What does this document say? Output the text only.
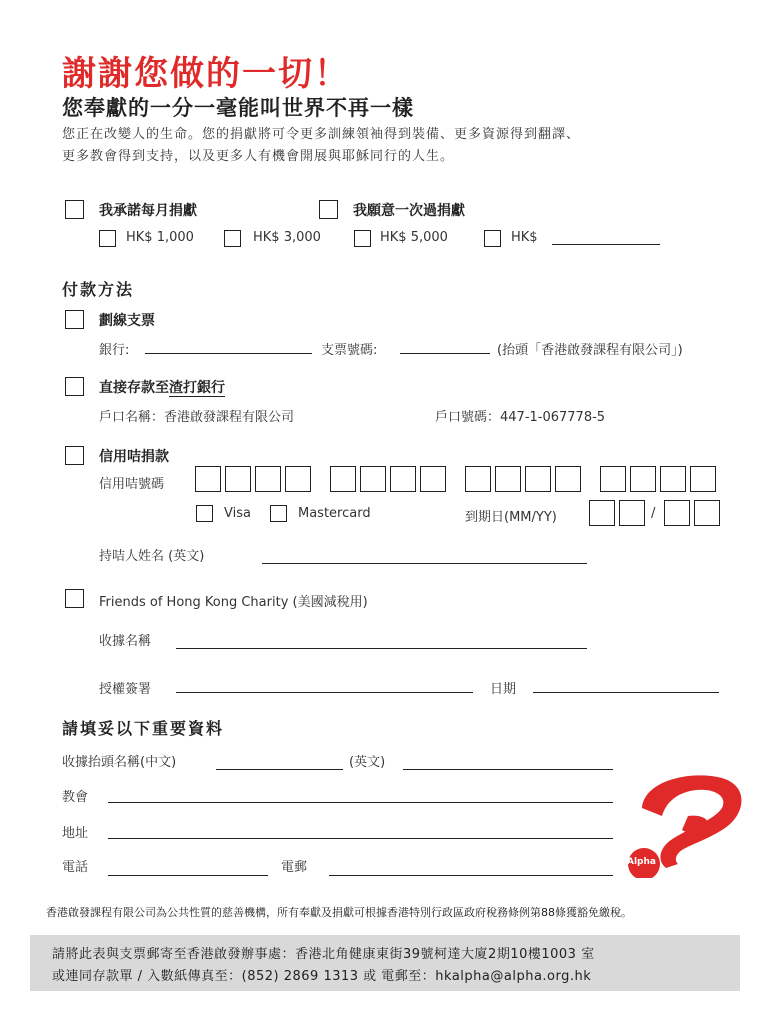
謝謝您做的一切！
您奉獻的一分一毫能叫世界不再一樣
您正在改變人的生命。您的捐獻將可令更多訓練領袖得到裝備、更多資源得到翻譯、
更多教會得到支持，以及更多人有機會開展與耶穌同行的人生。
我承諾每月捐獻	我願意一次過捐獻
HK$ 1,000	HK$ 3,000	HK$ 5,000	HK$
付款方法
劃線支票
銀行:	支票號碼:	(抬頭「香港啟發課程有限公司」)
直接存款至渣打銀行
戶口名稱：香港啟發課程有限公司	戶口號碼：447-1-067778-5
信用咭捐款
信用咭號碼
Visa	Mastercard	到期日(MM/YY)	/
持咭人姓名 (英文)
Friends of Hong Kong Charity (美國減稅用)
收據名稱
授權簽署	日期
請填妥以下重要資料
收據抬頭名稱(中文)	(英文)
教會
地址
電話	電郵	Alpha
香港啟發課程有限公司為公共性質的慈善機構，所有奉獻及捐獻可根據香港特別行政區政府稅務條例第88條獲豁免繳稅。
請將此表與支票郵寄至香港啟發辦事處：香港北角健康東街39號柯達大廈2期10樓1003 室
或連同存款單 / 入數紙傳真至：(852) 2869 1313 或 電郵至：hkalpha@alpha.org.hk
